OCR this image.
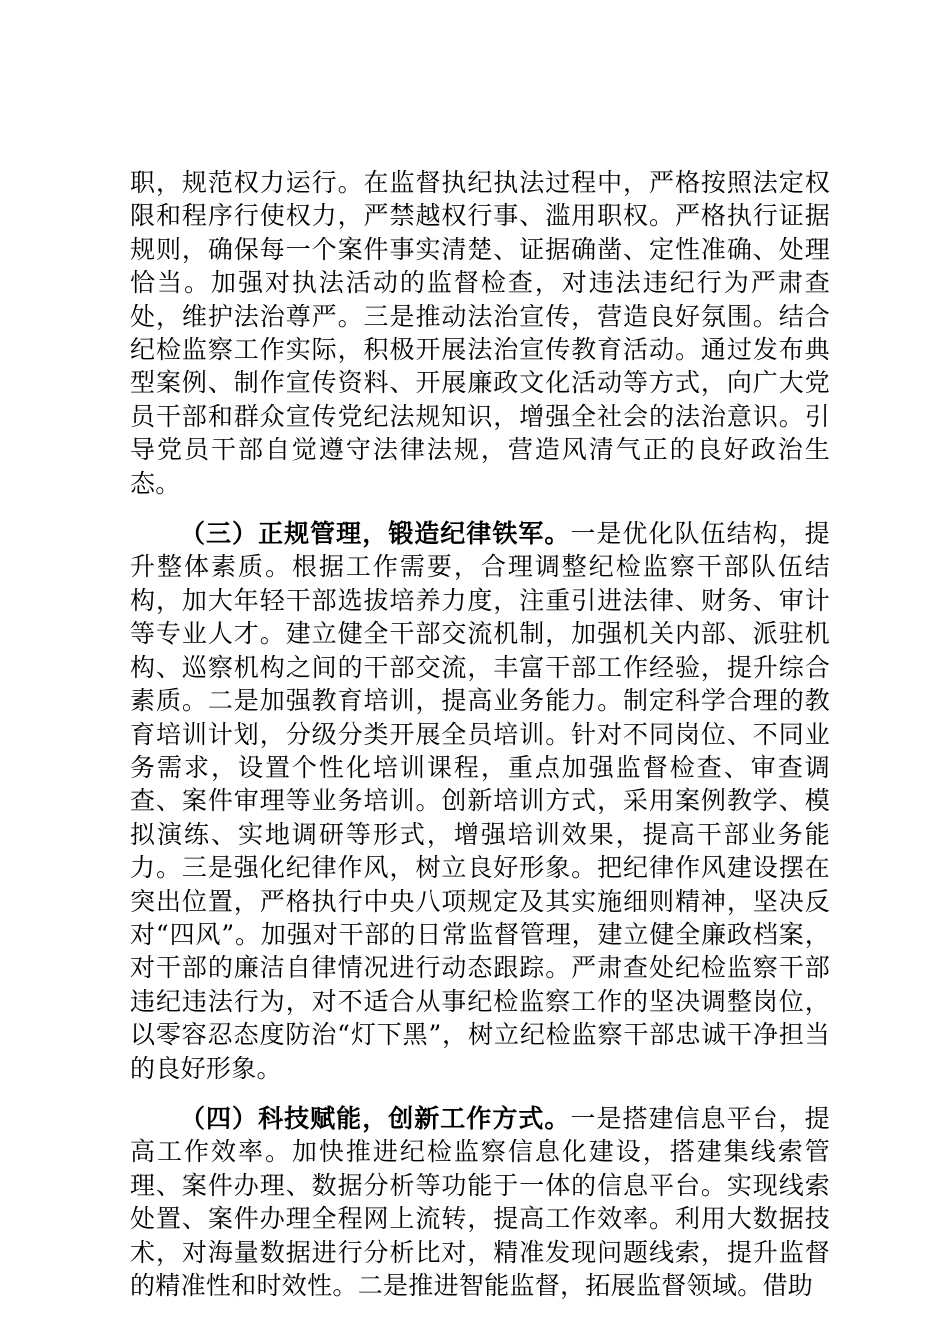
职，规范权力运行。在监督执纪执法过程中，严格按照法定权限和程序行使权力，严禁越权行事、滥用职权。严格执行证据规则，确保每一个案件事实清楚、证据确凿、定性准确、处理恰当。加强对执法活动的监督检查，对违法违纪行为严肃查处，维护法治尊严。三是推动法治宣传，营造良好氛围。结合纪检监察工作实际，积极开展法治宣传教育活动。通过发布典型案例、制作宣传资料、开展廉政文化活动等方式，向广大党员干部和群众宣传党纪法规知识，增强全社会的法治意识。引导党员干部自觉遵守法律法规，营造风清气正的良好政治生态。

（三）正规管理，锻造纪律铁军。一是优化队伍结构，提升整体素质。根据工作需要，合理调整纪检监察干部队伍结构，加大年轻干部选拔培养力度，注重引进法律、财务、审计等专业人才。建立健全干部交流机制，加强机关内部、派驻机构、巡察机构之间的干部交流，丰富干部工作经验，提升综合素质。二是加强教育培训，提高业务能力。制定科学合理的教育培训计划，分级分类开展全员培训。针对不同岗位、不同业务需求，设置个性化培训课程，重点加强监督检查、审查调查、案件审理等业务培训。创新培训方式，采用案例教学、模拟演练、实地调研等形式，增强培训效果，提高干部业务能力。三是强化纪律作风，树立良好形象。把纪律作风建设摆在突出位置，严格执行中央八项规定及其实施细则精神，坚决反对“四风”。加强对干部的日常监督管理，建立健全廉政档案，对干部的廉洁自律情况进行动态跟踪。严肃查处纪检监察干部违纪违法行为，对不适合从事纪检监察工作的坚决调整岗位，以零容忍态度防治“灯下黑”，树立纪检监察干部忠诚干净担当的良好形象。

（四）科技赋能，创新工作方式。一是搭建信息平台，提高工作效率。加快推进纪检监察信息化建设，搭建集线索管理、案件办理、数据分析等功能于一体的信息平台。实现线索处置、案件办理全程网上流转，提高工作效率。利用大数据技术，对海量数据进行分析比对，精准发现问题线索，提升监督的精准性和时效性。二是推进智能监督，拓展监督领域。借助
